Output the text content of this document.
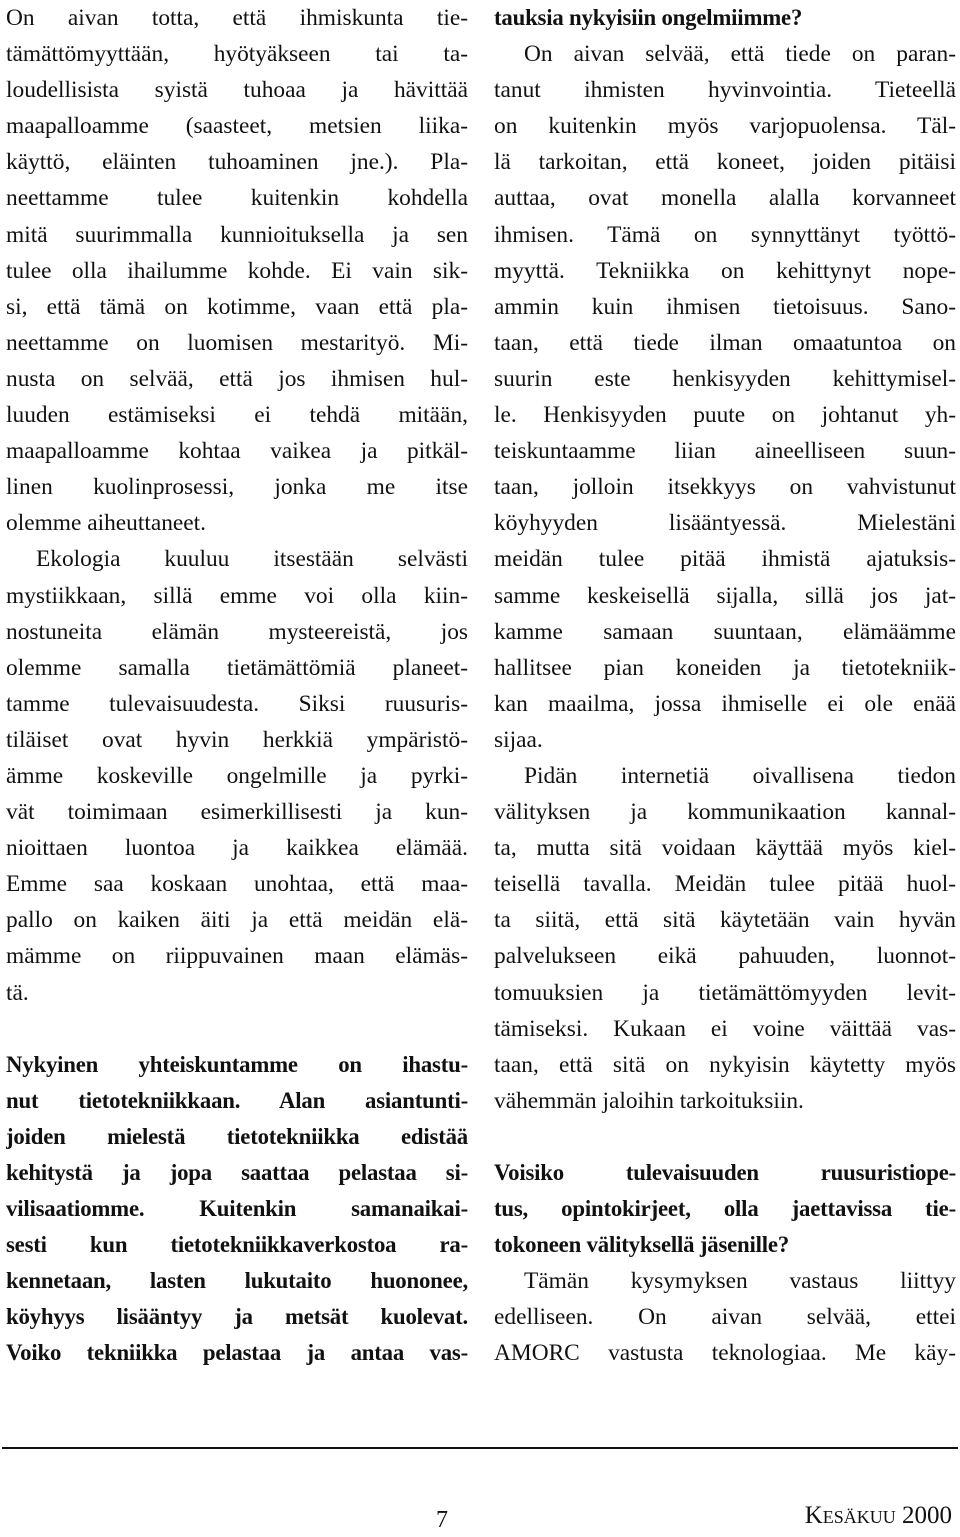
On aivan totta, että ihmiskunta tie-
tämättömyyttään, hyötyäkseen tai ta-
loudellisista syistä tuhoaa ja hävittää
maapalloamme (saasteet, metsien liika-
käyttö, eläinten tuhoaminen jne.). Pla-
neettamme tulee kuitenkin kohdella
mitä suurimmalla kunnioituksella ja sen
tulee olla ihailumme kohde. Ei vain sik-
si, että tämä on kotimme, vaan että pla-
neettamme on luomisen mestarityö. Mi-
nusta on selvää, että jos ihmisen hul-
luuden estämiseksi ei tehdä mitään,
maapalloamme kohtaa vaikea ja pitkäl-
linen kuolinprosessi, jonka me itse
olemme aiheuttaneet.
Ekologia kuuluu itsestään selvästi
mystiikkaan, sillä emme voi olla kiin-
nostuneita elämän mysteereistä, jos
olemme samalla tietämättömiä planeet-
tamme tulevaisuudesta. Siksi ruusuris-
tiläiset ovat hyvin herkkiä ympäristö-
ämme koskeville ongelmille ja pyrki-
vät toimimaan esimerkillisesti ja kun-
nioittaen luontoa ja kaikkea elämää.
Emme saa koskaan unohtaa, että maa-
pallo on kaiken äiti ja että meidän elä-
mämme on riippuvainen maan elämäs-
tä.
Nykyinen yhteiskuntamme on ihastu-
nut tietotekniikkaan. Alan asiantunti-
joiden mielestä tietotekniikka edistää
kehitystä ja jopa saattaa pelastaa si-
vilisaatiomme. Kuitenkin samanaikai-
sesti kun tietotekniikkaverkostoa ra-
kennetaan, lasten lukutaito huononee,
köyhyys lisääntyy ja metsät kuolevat.
Voiko tekniikka pelastaa ja antaa vas-
tauksia nykyisiin ongelmiimme?
On aivan selvää, että tiede on paran-
tanut ihmisten hyvinvointia. Tieteellä
on kuitenkin myös varjopuolensa. Täl-
lä tarkoitan, että koneet, joiden pitäisi
auttaa, ovat monella alalla korvanneet
ihmisen. Tämä on synnyttänyt työttö-
myyttä. Tekniikka on kehittynyt nope-
ammin kuin ihmisen tietoisuus. Sano-
taan, että tiede ilman omaatuntoa on
suurin este henkisyyden kehittymisel-
le. Henkisyyden puute on johtanut yh-
teiskuntaamme liian aineelliseen suun-
taan, jolloin itsekkyys on vahvistunut
köyhyyden lisääntyessä. Mielestäni
meidän tulee pitää ihmistä ajatuksis-
samme keskeisellä sijalla, sillä jos jat-
kamme samaan suuntaan, elämäämme
hallitsee pian koneiden ja tietotekniik-
kan maailma, jossa ihmiselle ei ole enää
sijaa.
Pidän internetiä oivallisena tiedon
välityksen ja kommunikaation kannal-
ta, mutta sitä voidaan käyttää myös kiel-
teisellä tavalla. Meidän tulee pitää huol-
ta siitä, että sitä käytetään vain hyvän
palvelukseen eikä pahuuden, luonnot-
tomuuksien ja tietämättömyyden levit-
tämiseksi. Kukaan ei voine väittää vas-
taan, että sitä on nykyisin käytetty myös
vähemmän jaloihin tarkoituksiin.
Voisiko tulevaisuuden ruusuristiope-
tus, opintokirjeet, olla jaettavissa tie-
tokoneen välityksellä jäsenille?
Tämän kysymyksen vastaus liittyy
edelliseen. On aivan selvää, ettei
AMORC vastusta teknologiaa. Me käy-
7	Kesäkuu 2000
